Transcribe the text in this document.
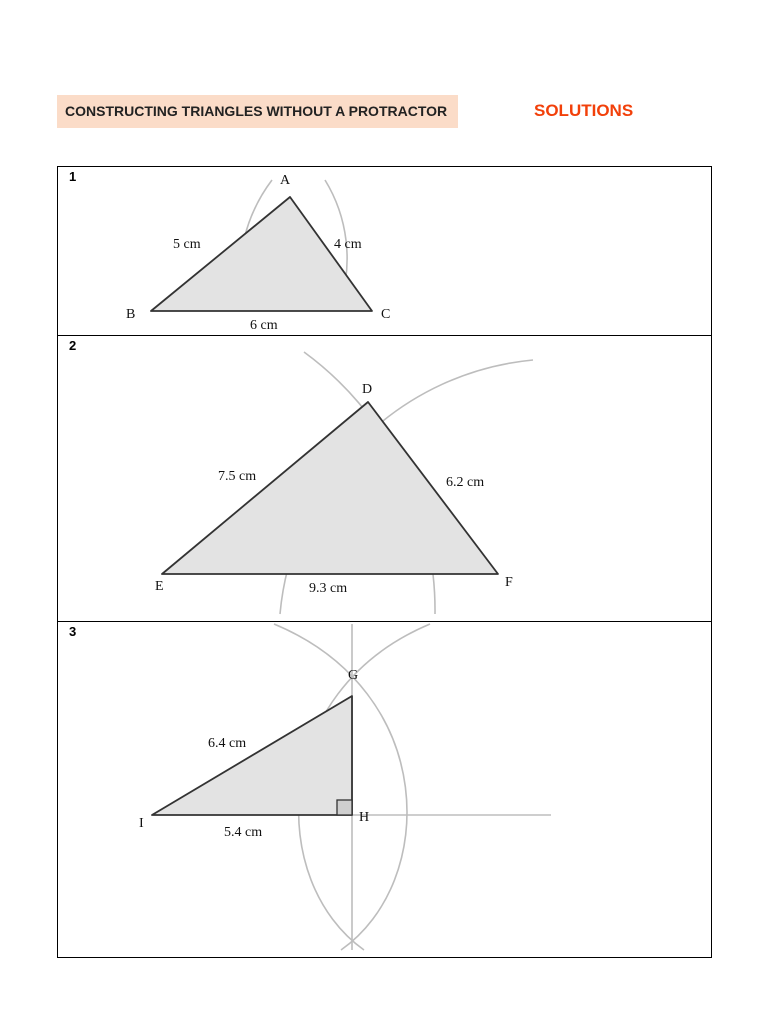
CONSTRUCTING TRIANGLES WITHOUT A PROTRACTOR	SOLUTIONS
1	A
B	C
5 cm	4 cm
6 cm
2
D
E	F
7.5 cm	6.2 cm
9.3 cm
3
G
H
I
6.4 cm
5.4 cm
